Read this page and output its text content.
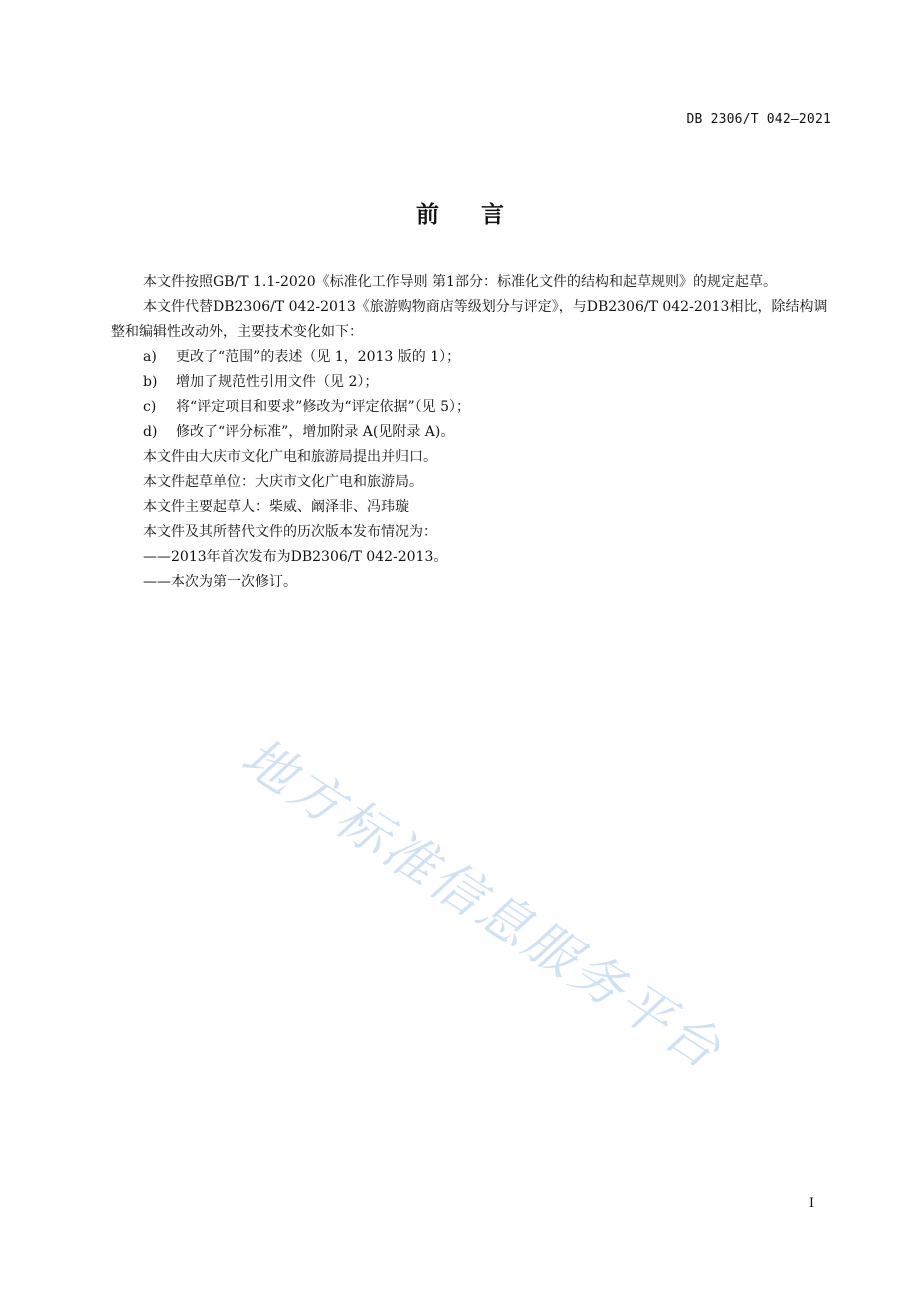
DB 2306/T 042—2021
前言

本文件按照GB/T 1.1-2020《标准化工作导则 第1部分：标准化文件的结构和起草规则》的规定起草。

本文件代替DB2306/T 042-2013《旅游购物商店等级划分与评定》，与DB2306/T 042-2013相比，除结构调整和编辑性改动外，主要技术变化如下：

a) 更改了“范围”的表述（见 1，2013 版的 1）；

b) 增加了规范性引用文件（见 2）；

c) 将“评定项目和要求”修改为“评定依据”（见 5）；

d) 修改了“评分标准”，增加附录 A(见附录 A)。

本文件由大庆市文化广电和旅游局提出并归口。

本文件起草单位：大庆市文化广电和旅游局。

本文件主要起草人：柴威、阚泽非、冯玮璇

本文件及其所替代文件的历次版本发布情况为：

——2013年首次发布为DB2306/T 042-2013。

——本次为第一次修订。

地方标准信息服务平台
I
